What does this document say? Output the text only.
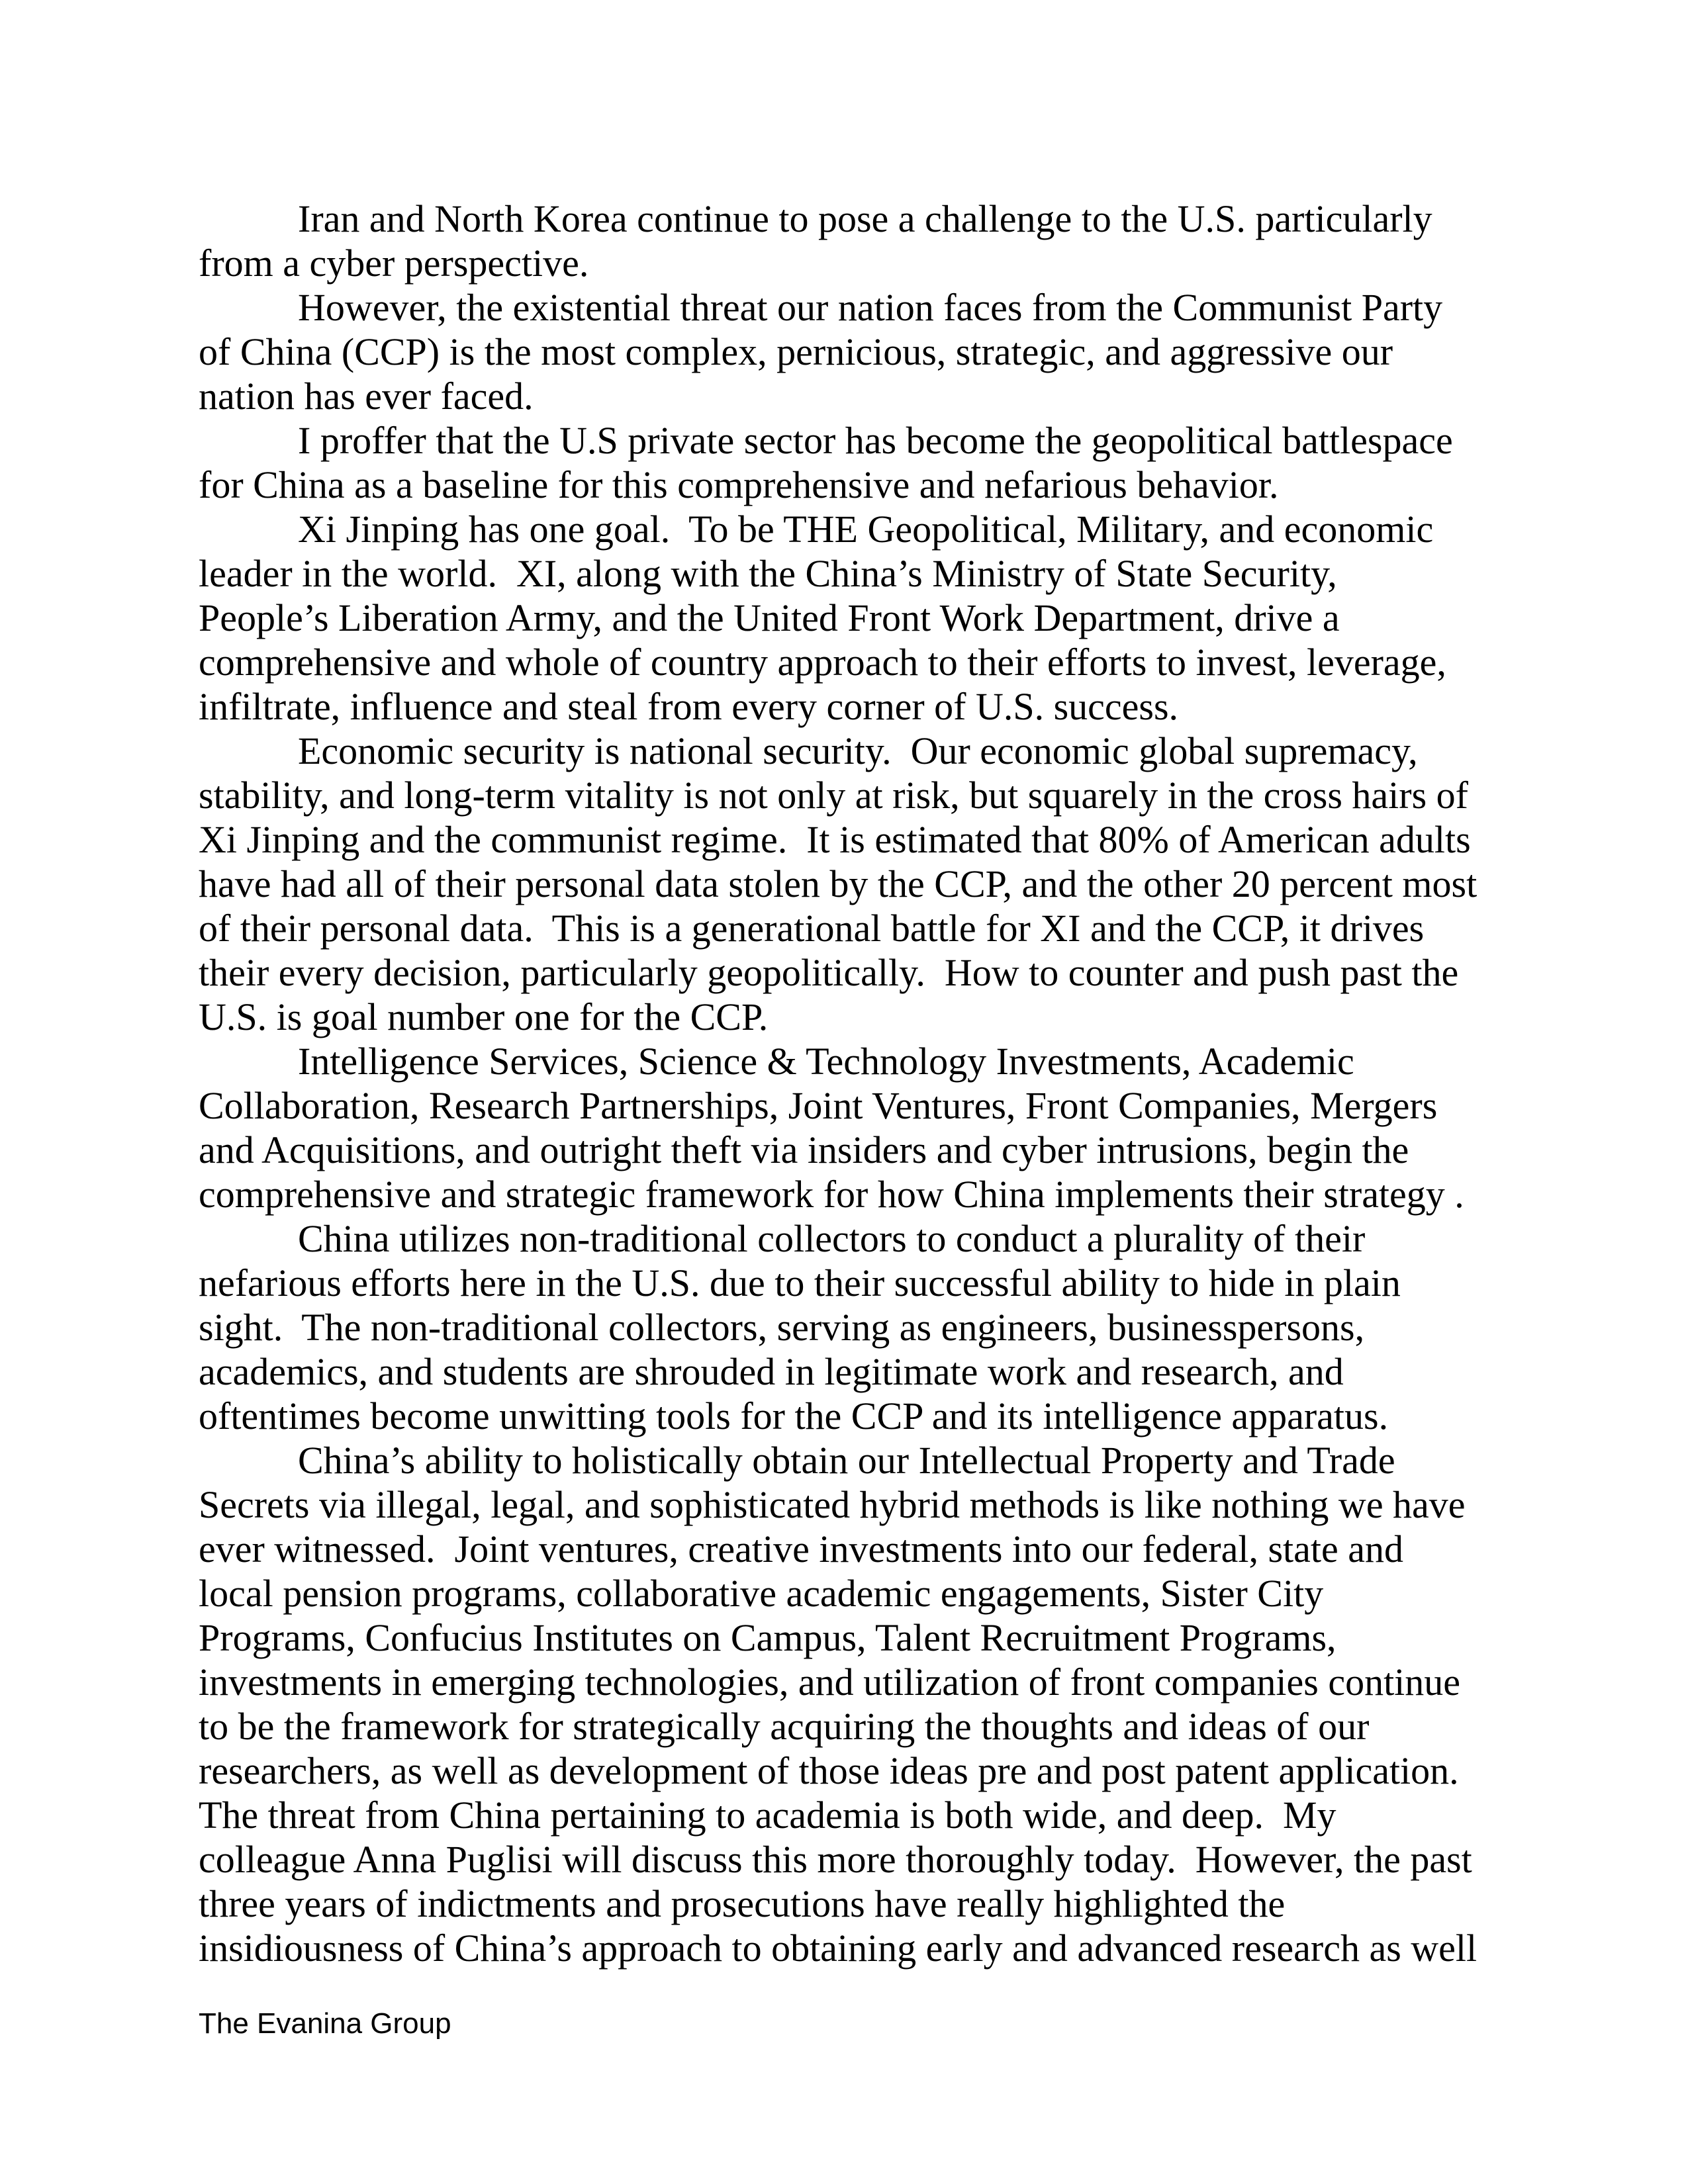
Iran and North Korea continue to pose a challenge to the U.S. particularly
from a cyber perspective.
However, the existential threat our nation faces from the Communist Party
of China (CCP) is the most complex, pernicious, strategic, and aggressive our
nation has ever faced.
I proffer that the U.S private sector has become the geopolitical battlespace
for China as a baseline for this comprehensive and nefarious behavior.
Xi Jinping has one goal.  To be THE Geopolitical, Military, and economic
leader in the world.  XI, along with the China’s Ministry of State Security,
People’s Liberation Army, and the United Front Work Department, drive a
comprehensive and whole of country approach to their efforts to invest, leverage,
infiltrate, influence and steal from every corner of U.S. success.
Economic security is national security.  Our economic global supremacy,
stability, and long-term vitality is not only at risk, but squarely in the cross hairs of
Xi Jinping and the communist regime.  It is estimated that 80% of American adults
have had all of their personal data stolen by the CCP, and the other 20 percent most
of their personal data.  This is a generational battle for XI and the CCP, it drives
their every decision, particularly geopolitically.  How to counter and push past the
U.S. is goal number one for the CCP.
Intelligence Services, Science & Technology Investments, Academic
Collaboration, Research Partnerships, Joint Ventures, Front Companies, Mergers
and Acquisitions, and outright theft via insiders and cyber intrusions, begin the
comprehensive and strategic framework for how China implements their strategy .
China utilizes non-traditional collectors to conduct a plurality of their
nefarious efforts here in the U.S. due to their successful ability to hide in plain
sight.  The non-traditional collectors, serving as engineers, businesspersons,
academics, and students are shrouded in legitimate work and research, and
oftentimes become unwitting tools for the CCP and its intelligence apparatus.
China’s ability to holistically obtain our Intellectual Property and Trade
Secrets via illegal, legal, and sophisticated hybrid methods is like nothing we have
ever witnessed.  Joint ventures, creative investments into our federal, state and
local pension programs, collaborative academic engagements, Sister City
Programs, Confucius Institutes on Campus, Talent Recruitment Programs,
investments in emerging technologies, and utilization of front companies continue
to be the framework for strategically acquiring the thoughts and ideas of our
researchers, as well as development of those ideas pre and post patent application.
The threat from China pertaining to academia is both wide, and deep.  My
colleague Anna Puglisi will discuss this more thoroughly today.  However, the past
three years of indictments and prosecutions have really highlighted the
insidiousness of China’s approach to obtaining early and advanced research as well
The Evanina Group
